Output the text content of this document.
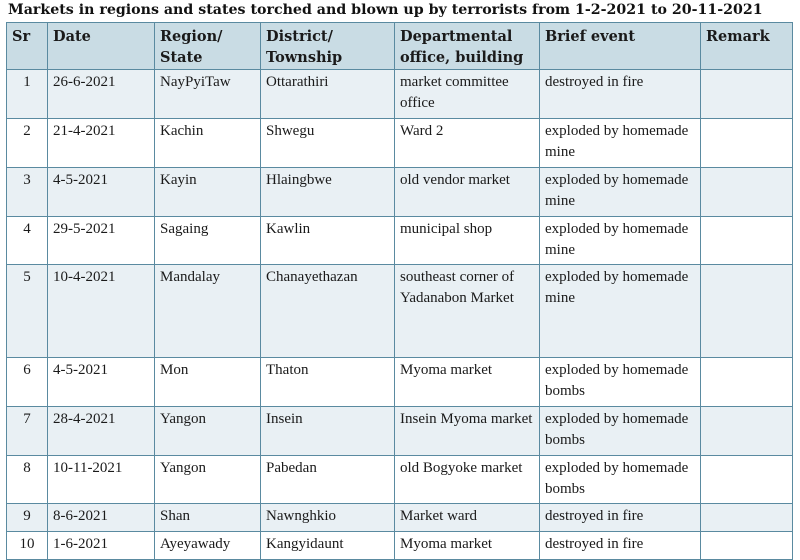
Markets in regions and states torched and blown up by terrorists from 1-2-2021 to 20-11-2021
Sr	Date	Region/ State	District/ Township	Departmental office, building	Brief event	Remark
1	26-6-2021	NayPyiTaw	Ottarathiri	market committee office	destroyed in fire	
2	21-4-2021	Kachin	Shwegu	Ward 2	exploded by homemade mine	
3	4-5-2021	Kayin	Hlaingbwe	old vendor market	exploded by homemade mine	
4	29-5-2021	Sagaing	Kawlin	municipal shop	exploded by homemade mine	
5	10-4-2021	Mandalay	Chanayethazan	southeast corner of Yadanabon Market	exploded by homemade mine	
6	4-5-2021	Mon	Thaton	Myoma market	exploded by homemade bombs	
7	28-4-2021	Yangon	Insein	Insein Myoma market	exploded by homemade bombs	
8	10-11-2021	Yangon	Pabedan	old Bogyoke market	exploded by homemade bombs	
9	8-6-2021	Shan	Nawnghkio	Market ward	destroyed in fire	
10	1-6-2021	Ayeyawady	Kangyidaunt	Myoma market	destroyed in fire	
